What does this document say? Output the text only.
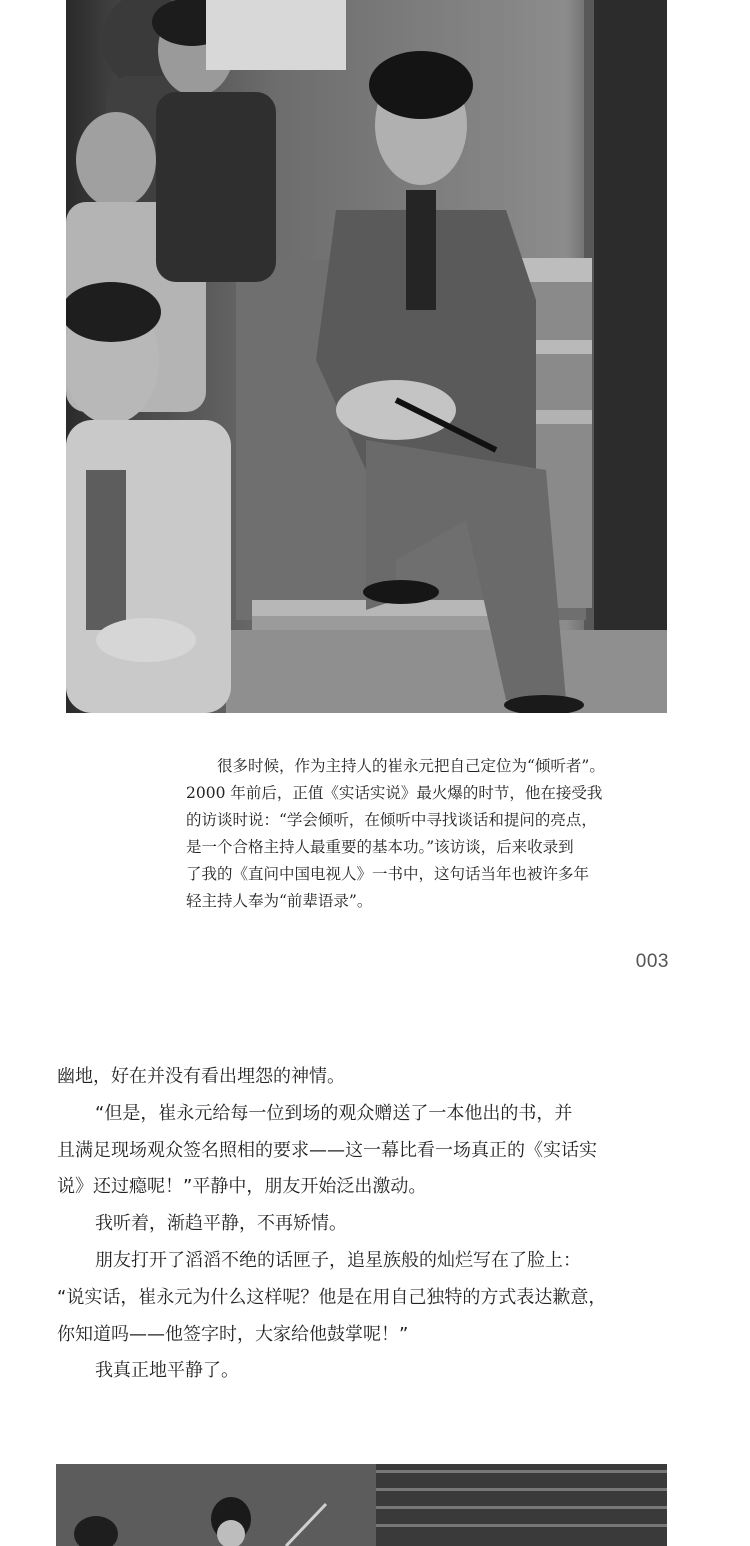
很多时候，作为主持人的崔永元把自己定位为“倾听者”。
2000 年前后，正值《实话实说》最火爆的时节，他在接受我
的访谈时说：“学会倾听，在倾听中寻找谈话和提问的亮点，
是一个合格主持人最重要的基本功。”该访谈，后来收录到
了我的《直问中国电视人》一书中，这句话当年也被许多年
轻主持人奉为“前辈语录”。
003
幽地，好在并没有看出埋怨的神情。
“但是，崔永元给每一位到场的观众赠送了一本他出的书，并
且满足现场观众签名照相的要求——这一幕比看一场真正的《实话实
说》还过瘾呢！”平静中，朋友开始泛出激动。
我听着，渐趋平静，不再矫情。
朋友打开了滔滔不绝的话匣子，追星族般的灿烂写在了脸上：
“说实话，崔永元为什么这样呢？他是在用自己独特的方式表达歉意，
你知道吗——他签字时，大家给他鼓掌呢！”
我真正地平静了。
